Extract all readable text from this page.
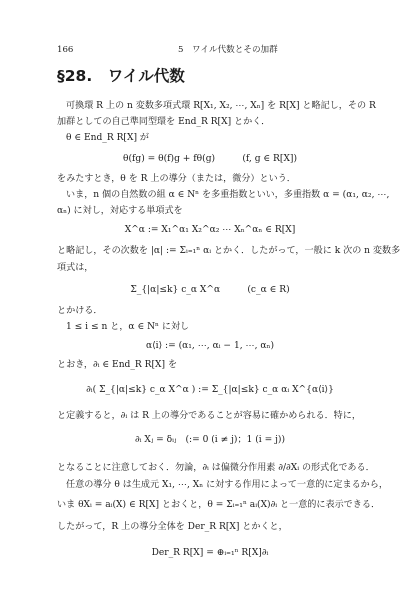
166	5　ワイル代数とその加群
§28.　ワイル代数
可換環 R 上の n 変数多項式環 R[X₁, X₂, ⋯, Xₙ] を R[X] と略記し，その R
加群としての自己準同型環を End_R R[X] とかく．
θ ∈ End_R R[X] が
θ(fg) = θ(f)g + fθ(g)　　　(f, g ∈ R[X])
をみたすとき，θ を R 上の導分（または，微分）という．
いま，n 個の自然数の組 α ∈ Nⁿ を多重指数といい，多重指数 α = (α₁, α₂, ⋯,
αₙ) に対し，対応する単項式を
X^α := X₁^α₁ X₂^α₂ ⋯ Xₙ^αₙ ∈ R[X]
と略記し，その次数を |α| := Σᵢ₌₁ⁿ αᵢ とかく．したがって，一般に k 次の n 変数多
項式は，
Σ_{|α|≤k} c_α X^α　　　(c_α ∈ R)
とかける．
1 ≤ i ≤ n と，α ∈ Nⁿ に対し
α⟨i⟩ := (α₁, ⋯, αᵢ − 1, ⋯, αₙ)
とおき，∂ᵢ ∈ End_R R[X] を
∂ᵢ( Σ_{|α|≤k} c_α X^α ) := Σ_{|α|≤k} c_α αᵢ X^{α⟨i⟩}
と定義すると，∂ᵢ は R 上の導分であることが容易に確かめられる．特に，
∂ᵢ Xⱼ = δᵢⱼ　(:= 0 (i ≠ j)；1 (i = j))
となることに注意しておく．勿論，∂ᵢ は偏微分作用素 ∂/∂Xᵢ の形式化である．
任意の導分 θ は生成元 X₁, ⋯, Xₙ に対する作用によって一意的に定まるから，
いま θXᵢ = aᵢ(X) ∈ R[X] とおくと，θ = Σᵢ₌₁ⁿ aᵢ(X)∂ᵢ と一意的に表示できる．
したがって，R 上の導分全体を Der_R R[X] とかくと，
Der_R R[X] = ⊕ᵢ₌₁ⁿ R[X]∂ᵢ
